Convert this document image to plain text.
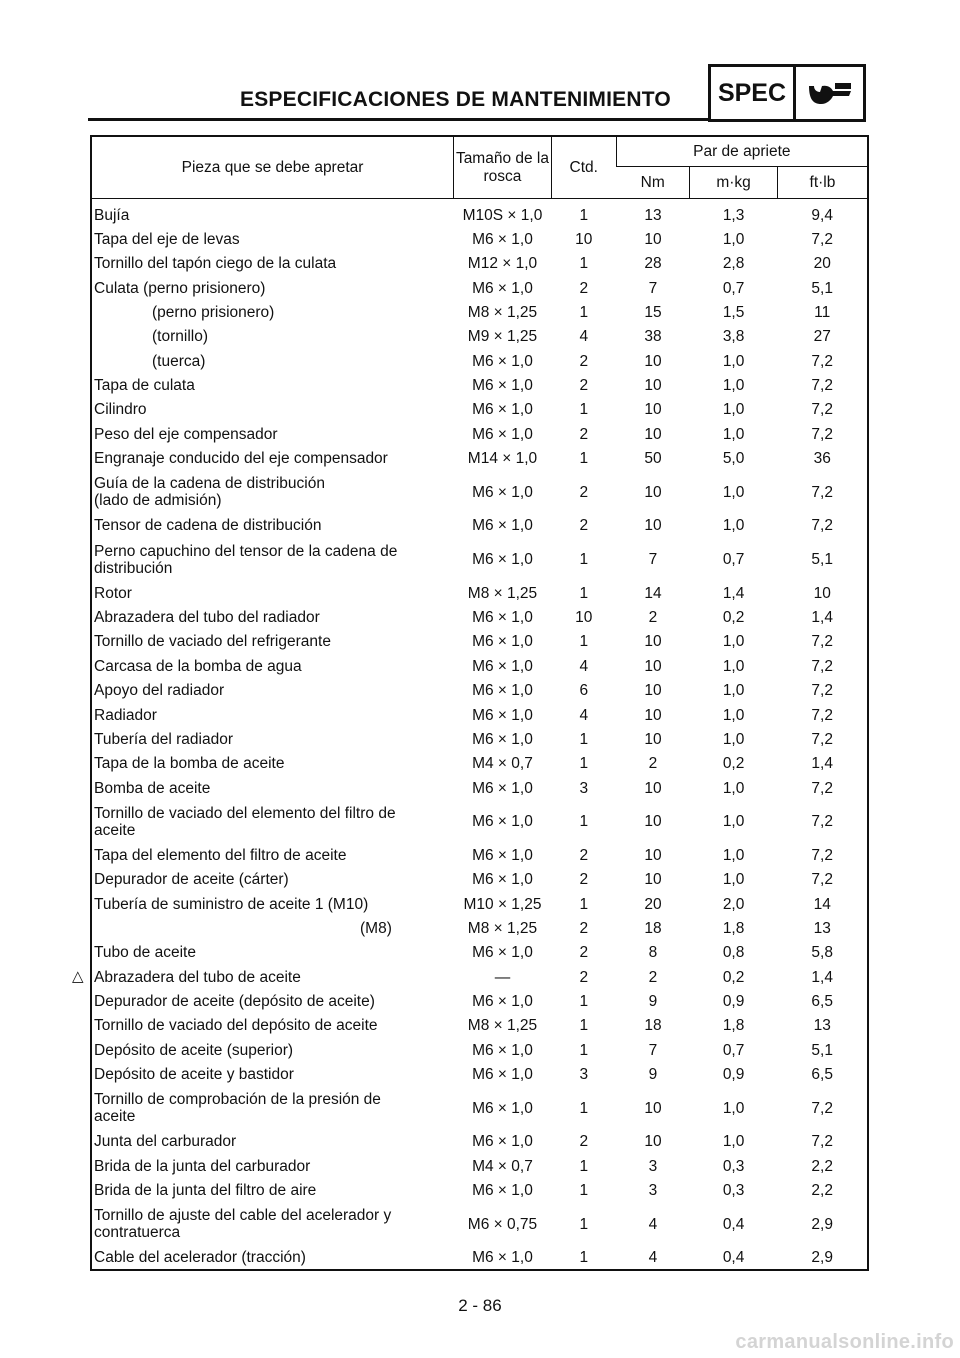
ESPECIFICACIONES DE MANTENIMIENTO SPEC
△
Pieza que se debe apretar	Tamaño de la rosca	Ctd.	Par de apriete		
			Nm	m·kg	ft·lb
Bujía	M10S × 1,0	1	13	1,3	9,4
Tapa del eje de levas	M6 × 1,0	10	10	1,0	7,2
Tornillo del tapón ciego de la culata	M12 × 1,0	1	28	2,8	20
Culata (perno prisionero)	M6 × 1,0	2	7	0,7	5,1
(perno prisionero)	M8 × 1,25	1	15	1,5	11
(tornillo)	M9 × 1,25	4	38	3,8	27
(tuerca)	M6 × 1,0	2	10	1,0	7,2
Tapa de culata	M6 × 1,0	2	10	1,0	7,2
Cilindro	M6 × 1,0	1	10	1,0	7,2
Peso del eje compensador	M6 × 1,0	2	10	1,0	7,2
Engranaje conducido del eje compensador	M14 × 1,0	1	50	5,0	36
Guía de la cadena de distribución
(lado de admisión)	M6 × 1,0	2	10	1,0	7,2
Tensor de cadena de distribución	M6 × 1,0	2	10	1,0	7,2
Perno capuchino del tensor de la cadena de
distribución	M6 × 1,0	1	7	0,7	5,1
Rotor	M8 × 1,25	1	14	1,4	10
Abrazadera del tubo del radiador	M6 × 1,0	10	2	0,2	1,4
Tornillo de vaciado del refrigerante	M6 × 1,0	1	10	1,0	7,2
Carcasa de la bomba de agua	M6 × 1,0	4	10	1,0	7,2
Apoyo del radiador	M6 × 1,0	6	10	1,0	7,2
Radiador	M6 × 1,0	4	10	1,0	7,2
Tubería del radiador	M6 × 1,0	1	10	1,0	7,2
Tapa de la bomba de aceite	M4 × 0,7	1	2	0,2	1,4
Bomba de aceite	M6 × 1,0	3	10	1,0	7,2
Tornillo de vaciado del elemento del filtro de
aceite	M6 × 1,0	1	10	1,0	7,2
Tapa del elemento del filtro de aceite	M6 × 1,0	2	10	1,0	7,2
Depurador de aceite (cárter)	M6 × 1,0	2	10	1,0	7,2
Tubería de suministro de aceite 1 (M10)	M10 × 1,25	1	20	2,0	14
(M8)	M8 × 1,25	2	18	1,8	13
Tubo de aceite	M6 × 1,0	2	8	0,8	5,8
Abrazadera del tubo de aceite	—	2	2	0,2	1,4
Depurador de aceite (depósito de aceite)	M6 × 1,0	1	9	0,9	6,5
Tornillo de vaciado del depósito de aceite	M8 × 1,25	1	18	1,8	13
Depósito de aceite (superior)	M6 × 1,0	1	7	0,7	5,1
Depósito de aceite y bastidor	M6 × 1,0	3	9	0,9	6,5
Tornillo de comprobación de la presión de
aceite	M6 × 1,0	1	10	1,0	7,2
Junta del carburador	M6 × 1,0	2	10	1,0	7,2
Brida de la junta del carburador	M4 × 0,7	1	3	0,3	2,2
Brida de la junta del filtro de aire	M6 × 1,0	1	3	0,3	2,2
Tornillo de ajuste del cable del acelerador y
contratuerca	M6 × 0,75	1	4	0,4	2,9
Cable del acelerador (tracción)	M6 × 1,0	1	4	0,4	2,9
2 - 86
carmanualsonline.info
